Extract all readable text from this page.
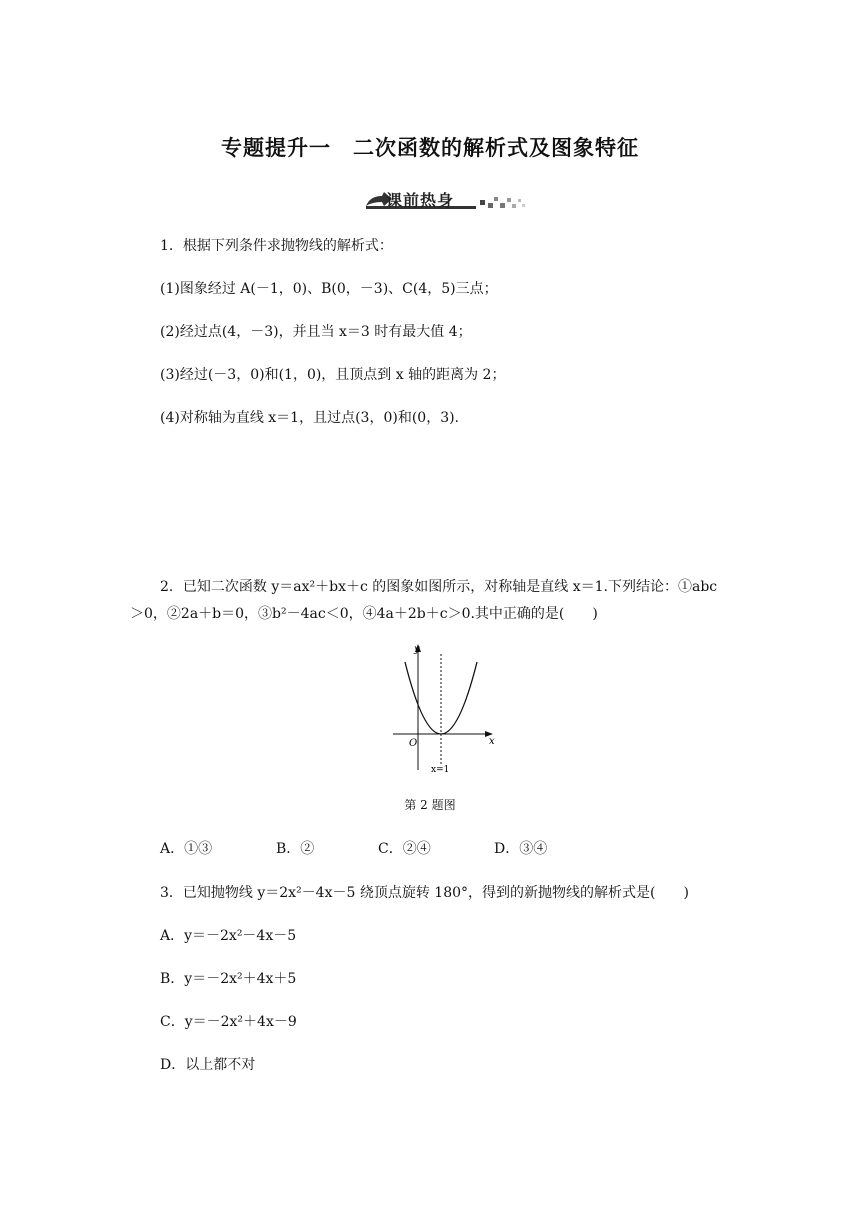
专题提升一　二次函数的解析式及图象特征
课前热身
1．根据下列条件求抛物线的解析式：
(1)图象经过 A(－1，0)、B(0，－3)、C(4，5)三点；
(2)经过点(4，－3)，并且当 x＝3 时有最大值 4；
(3)经过(－3，0)和(1，0)，且顶点到 x 轴的距离为 2；
(4)对称轴为直线 x＝1，且过点(3，0)和(0，3).
2．已知二次函数 y＝ax²＋bx＋c 的图象如图所示，对称轴是直线 x＝1.下列结论：①abc
＞0，②2a＋b＝0，③b²－4ac＜0，④4a＋2b＋c＞0.其中正确的是(　　)
y
x
O
x=1
第 2 题图
A．①③	B．②	C．②④	D．③④
3．已知抛物线 y＝2x²－4x－5 绕顶点旋转 180°，得到的新抛物线的解析式是(　　)
A．y＝－2x²－4x－5
B．y＝－2x²＋4x＋5
C．y＝－2x²＋4x－9
D．以上都不对
